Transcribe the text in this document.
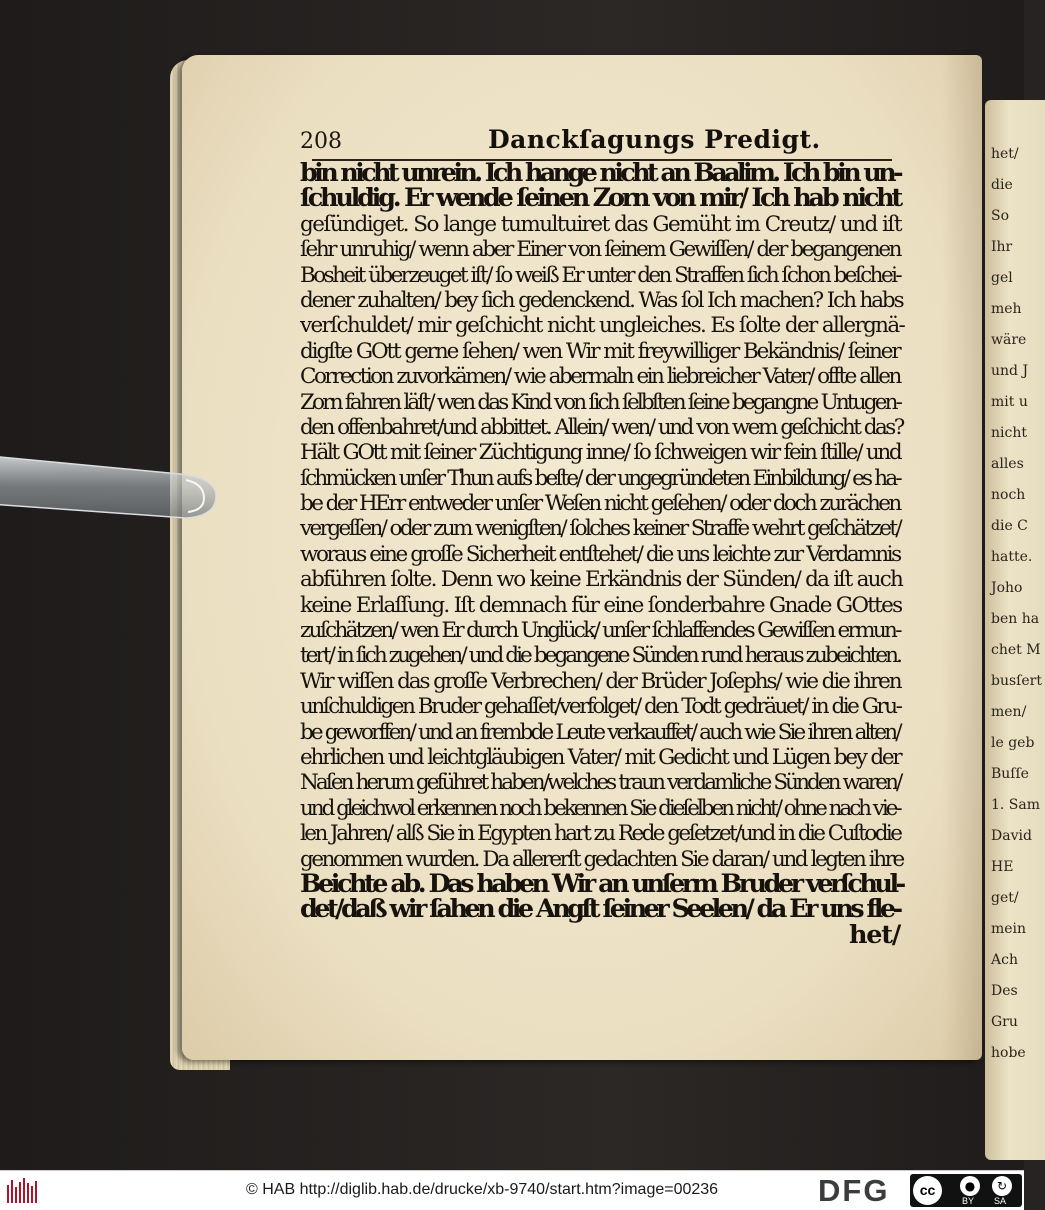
het/
die
So
Ihr
gel
meh
wäre
und J
mit u
nicht
alles
noch
die C
hatte.
Joho
ben ha
chet M
busſert
men/
le geb
Buſſe
1. Sam
David
HE
get/
mein
Ach
Des
Gru
hobe
208	Danckſagungs Predigt.
bin nicht unrein. Ich hange nicht an Baalim. Ich bin un-
ſchuldig. Er wende ſeinen Zorn von mir/ Ich hab nicht
geſündiget. So lange tumultuiret das Gemüht im Creutz/ und iſt
ſehr unruhig/ wenn aber Einer von ſeinem Gewiſſen/ der begangenen
Bosheit überzeuget iſt/ ſo weiß Er unter den Straffen ſich ſchon beſchei-
dener zuhalten/ bey ſich gedenckend. Was ſol Ich machen? Ich habs
verſchuldet/ mir geſchicht nicht ungleiches. Es ſolte der allergnä-
digſte GOtt gerne ſehen/ wen Wir mit freywilliger Bekändnis/ ſeiner
Correction zuvorkämen/ wie abermaln ein liebreicher Vater/ offte allen
Zorn fahren läſt/ wen das Kind von ſich ſelbſten ſeine begangne Untugen-
den offenbahret/und abbittet. Allein/ wen/ und von wem geſchicht das?
Hält GOtt mit ſeiner Züchtigung inne/ ſo ſchweigen wir fein ſtille/ und
ſchmücken unſer Thun aufs beſte/ der ungegründeten Einbildung/ es ha-
be der HErr entweder unſer Weſen nicht geſehen/ oder doch zurächen
vergeſſen/ oder zum wenigſten/ ſolches keiner Straffe wehrt geſchätzet/
woraus eine groſſe Sicherheit entſtehet/ die uns leichte zur Verdamnis
abführen ſolte. Denn wo keine Erkändnis der Sünden/ da iſt auch
keine Erlaſſung. Iſt demnach für eine ſonderbahre Gnade GOttes
zuſchätzen/ wen Er durch Unglück/ unſer ſchlaffendes Gewiſſen ermun-
tert/ in ſich zugehen/ und die begangene Sünden rund heraus zubeichten.
Wir wiſſen das groſſe Verbrechen/ der Brüder Joſephs/ wie die ihren
unſchuldigen Bruder gehaſſet/verfolget/ den Todt gedräuet/ in die Gru-
be geworffen/ und an frembde Leute verkauffet/ auch wie Sie ihren alten/
ehrlichen und leichtgläubigen Vater/ mit Gedicht und Lügen bey der
Naſen herum geführet haben/welches traun verdamliche Sünden waren/
und gleichwol erkennen noch bekennen Sie dieſelben nicht/ ohne nach vie-
len Jahren/ alß Sie in Egypten hart zu Rede geſetzet/und in die Cuſtodie
genommen wurden. Da allererſt gedachten Sie daran/ und legten ihre
Beichte ab. Das haben Wir an unſerm Bruder verſchul-
det/daß wir ſahen die Angſt ſeiner Seelen/ da Er uns fle-
het/
© HAB http://diglib.hab.de/drucke/xb-9740/start.htm?image=00236	DFG	cc	●	↻
BY SA
